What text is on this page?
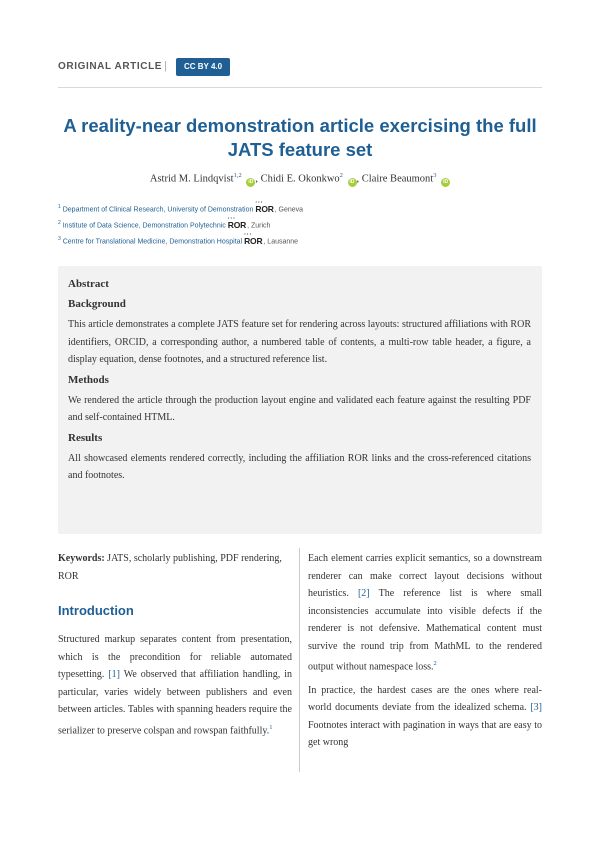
ORIGINAL ARTICLE |	CC BY 4.0
A reality-near demonstration article exercising the full JATS feature set
Astrid M. Lindqvist$^{1,2}$ iD , Chidi E. Okonkwo$^2$ iD , Claire Beaumont$^3$ iD
$^1$ Department of Clinical Research, University of Demonstration · · · ROR, Geneva
$^2$ Institute of Data Science, Demonstration Polytechnic · · · ROR, Zurich
$^3$ Centre for Translational Medicine, Demonstration Hospital · · · ROR, Lausanne
Abstract
Background

This article demonstrates a complete JATS feature set for rendering across layouts: structured affiliations with ROR identifiers, ORCID, a corresponding author, a numbered table of contents, a multi-row table header, a figure, a display equation, dense footnotes, and a structured reference list.

Methods

We rendered the article through the production layout engine and validated each feature against the resulting PDF and self-contained HTML.

Results

All showcased elements rendered correctly, including the affiliation ROR links and the cross-referenced citations and footnotes.

Keywords: JATS, scholarly publishing, PDF rendering, ROR

Introduction

Structured markup separates content from presentation, which is the precondition for reliable automated typesetting. [1] We observed that affiliation handling, in particular, varies widely between publishers and even between articles. Tables with spanning headers require the serializer to preserve colspan and rowspan faithfully.$^1$

Each element carries explicit semantics, so a downstream renderer can make correct layout decisions without heuristics. [2] The reference list is where small inconsistencies accumulate into visible defects if the renderer is not defensive. Mathematical content must survive the round trip from MathML to the rendered output without namespace loss.$^2$

In practice, the hardest cases are the ones where real-world documents deviate from the idealized schema. [3] Footnotes interact with pagination in ways that are easy to get wrong
